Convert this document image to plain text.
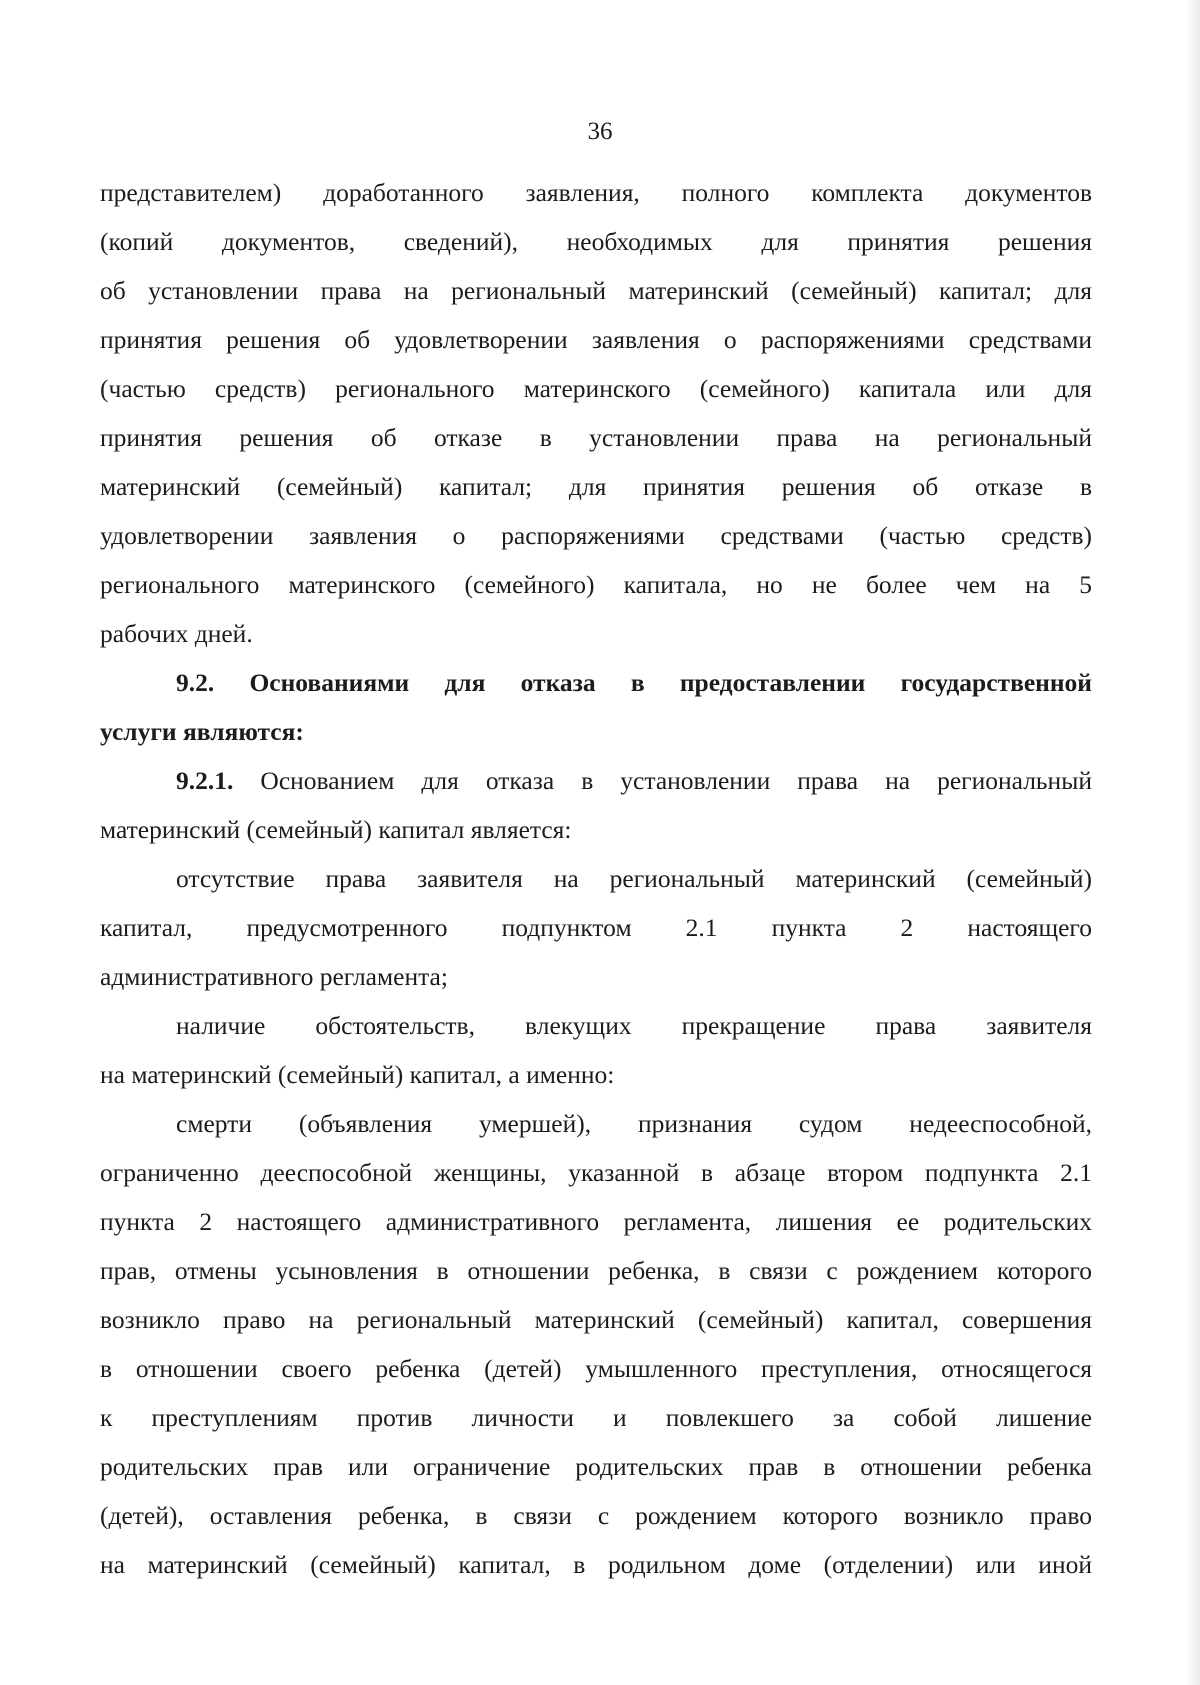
36
представителем) доработанного заявления, полного комплекта документов
(копий документов, сведений), необходимых для принятия решения
об установлении права на региональный материнский (семейный) капитал; для
принятия решения об удовлетворении заявления о распоряжениями средствами
(частью средств) регионального материнского (семейного) капитала или для
принятия решения об отказе в установлении права на региональный
материнский (семейный) капитал; для принятия решения об отказе в
удовлетворении заявления о распоряжениями средствами (частью средств)
регионального материнского (семейного) капитала, но не более чем на 5
рабочих дней.
9.2. Основаниями для отказа в предоставлении государственной
услуги являются:
9.2.1. Основанием для отказа в установлении права на региональный
материнский (семейный) капитал является:
отсутствие права заявителя на региональный материнский (семейный)
капитал, предусмотренного подпунктом 2.1 пункта 2 настоящего
административного регламента;
наличие обстоятельств, влекущих прекращение права заявителя
на материнский (семейный) капитал, а именно:
смерти (объявления умершей), признания судом недееспособной,
ограниченно дееспособной женщины, указанной в абзаце втором подпункта 2.1
пункта 2 настоящего административного регламента, лишения ее родительских
прав, отмены усыновления в отношении ребенка, в связи с рождением которого
возникло право на региональный материнский (семейный) капитал, совершения
в отношении своего ребенка (детей) умышленного преступления, относящегося
к преступлениям против личности и повлекшего за собой лишение
родительских прав или ограничение родительских прав в отношении ребенка
(детей), оставления ребенка, в связи с рождением которого возникло право
на материнский (семейный) капитал, в родильном доме (отделении) или иной
